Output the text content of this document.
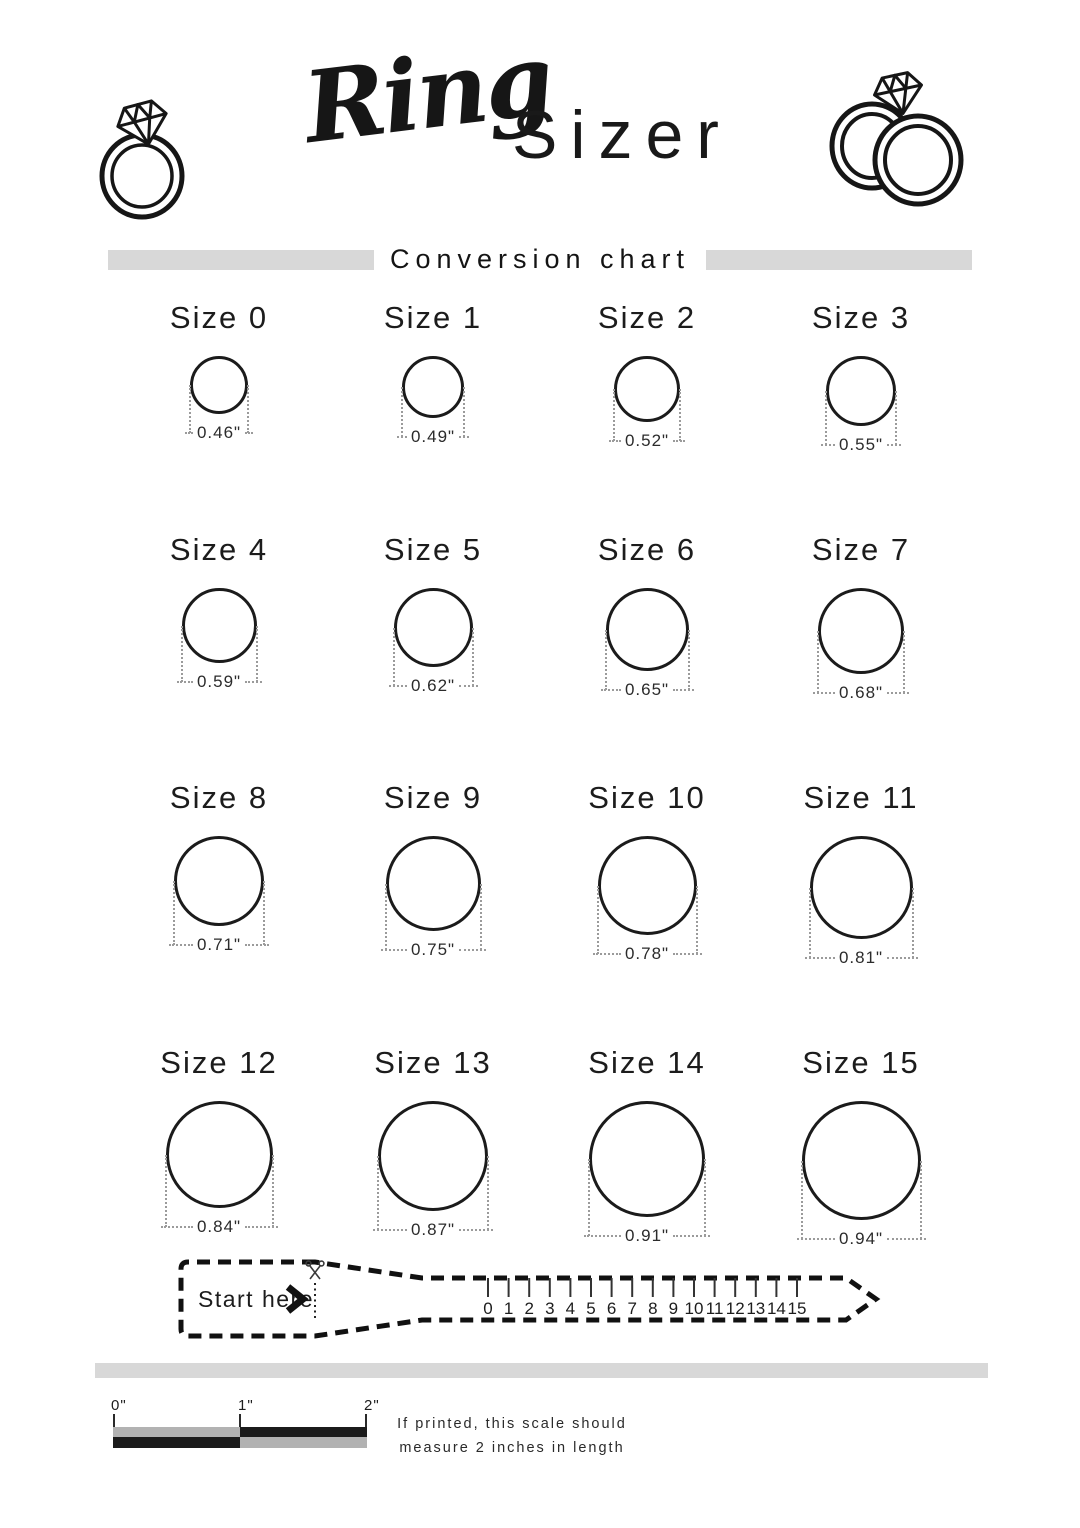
Ring
Sizer
Conversion chart
Size 0
0.46"
Size 1
0.49"
Size 2
0.52"
Size 3
0.55"
Size 4
0.59"
Size 5
0.62"
Size 6
0.65"
Size 7
0.68"
Size 8
0.71"
Size 9
0.75"
Size 10
0.78"
Size 11
0.81"
Size 12
0.84"
Size 13
0.87"
Size 14
0.91"
Size 15
0.94"
Start here	0 1 2 3 4 5 6 7 8 9 10 11 12 13 14 15
0"	1"	2"
If printed, this scale should
measure 2 inches in length
